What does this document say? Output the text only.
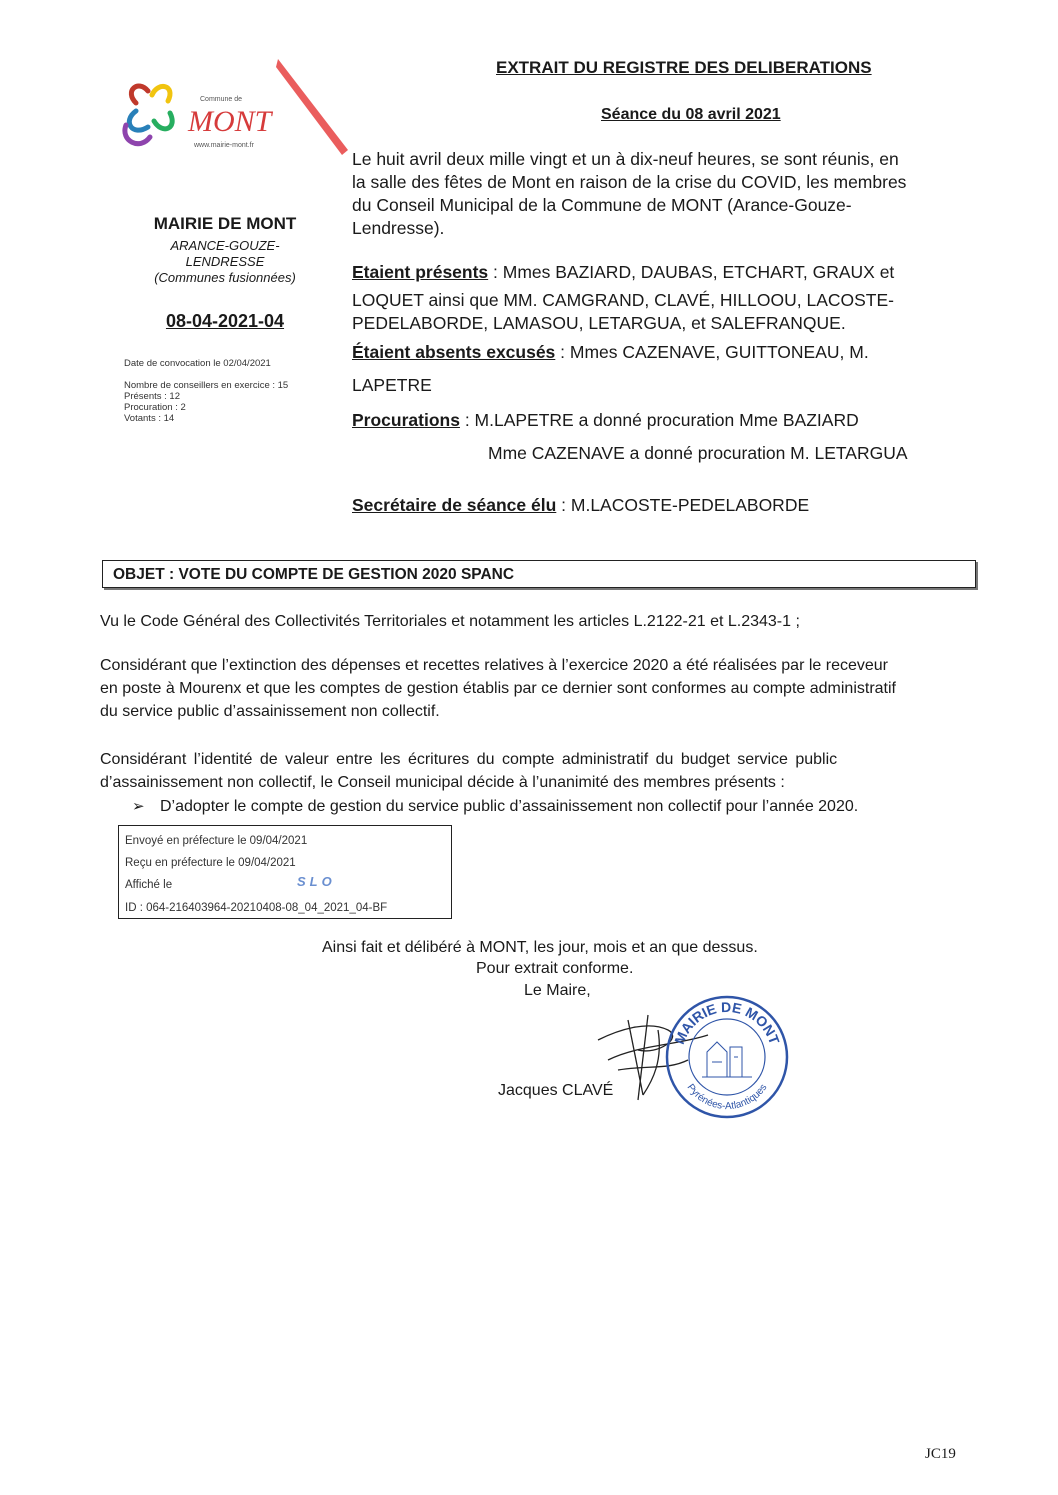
Commune de
MONT
www.mairie-mont.fr
MAIRIE DE MONT
ARANCE-GOUZE-
LENDRESSE
(Communes fusionnées)
08-04-2021-04
Date de convocation le 02/04/2021
Nombre de conseillers en exercice : 15
Présents : 12
Procuration : 2
Votants : 14
EXTRAIT DU REGISTRE DES DELIBERATIONS
Séance du 08 avril 2021
Le huit avril deux mille vingt et un à dix-neuf heures, se sont réunis, en
la salle des fêtes de Mont en raison de la crise du COVID, les membres
du Conseil Municipal de la Commune de MONT (Arance-Gouze-
Lendresse).
Etaient présents : Mmes BAZIARD, DAUBAS, ETCHART, GRAUX et
LOQUET ainsi que MM. CAMGRAND, CLAVÉ, HILLOOU, LACOSTE-
PEDELABORDE, LAMASOU, LETARGUA, et SALEFRANQUE.
Étaient absents excusés : Mmes CAZENAVE, GUITTONEAU, M.
LAPETRE
Procurations : M.LAPETRE a donné procuration Mme BAZIARD
Mme CAZENAVE a donné procuration M. LETARGUA
Secrétaire de séance élu : M.LACOSTE-PEDELABORDE
OBJET : VOTE DU COMPTE DE GESTION 2020 SPANC
Vu le Code Général des Collectivités Territoriales et notamment les articles L.2122-21 et L.2343-1 ;
Considérant que l’extinction des dépenses et recettes relatives à l’exercice 2020 a été réalisées par le receveur
en poste à Mourenx et que les comptes de gestion établis par ce dernier sont conformes au compte administratif
du service public d’assainissement non collectif.
Considérant l’identité de valeur entre les écritures du compte administratif du budget service public
d’assainissement non collectif, le Conseil municipal décide à l’unanimité des membres présents :
➢ D’adopter le compte de gestion du service public d’assainissement non collectif pour l’année 2020.
Envoyé en préfecture le 09/04/2021
Reçu en préfecture le 09/04/2021
Affiché le	SLO
ID : 064-216403964-20210408-08_04_2021_04-BF
Ainsi fait et délibéré à MONT, les jour, mois et an que dessus.
Pour extrait conforme.
Le Maire,
Jacques CLAVÉ
MAIRIE DE MONT
Pyrénées-Atlantiques
JC19
